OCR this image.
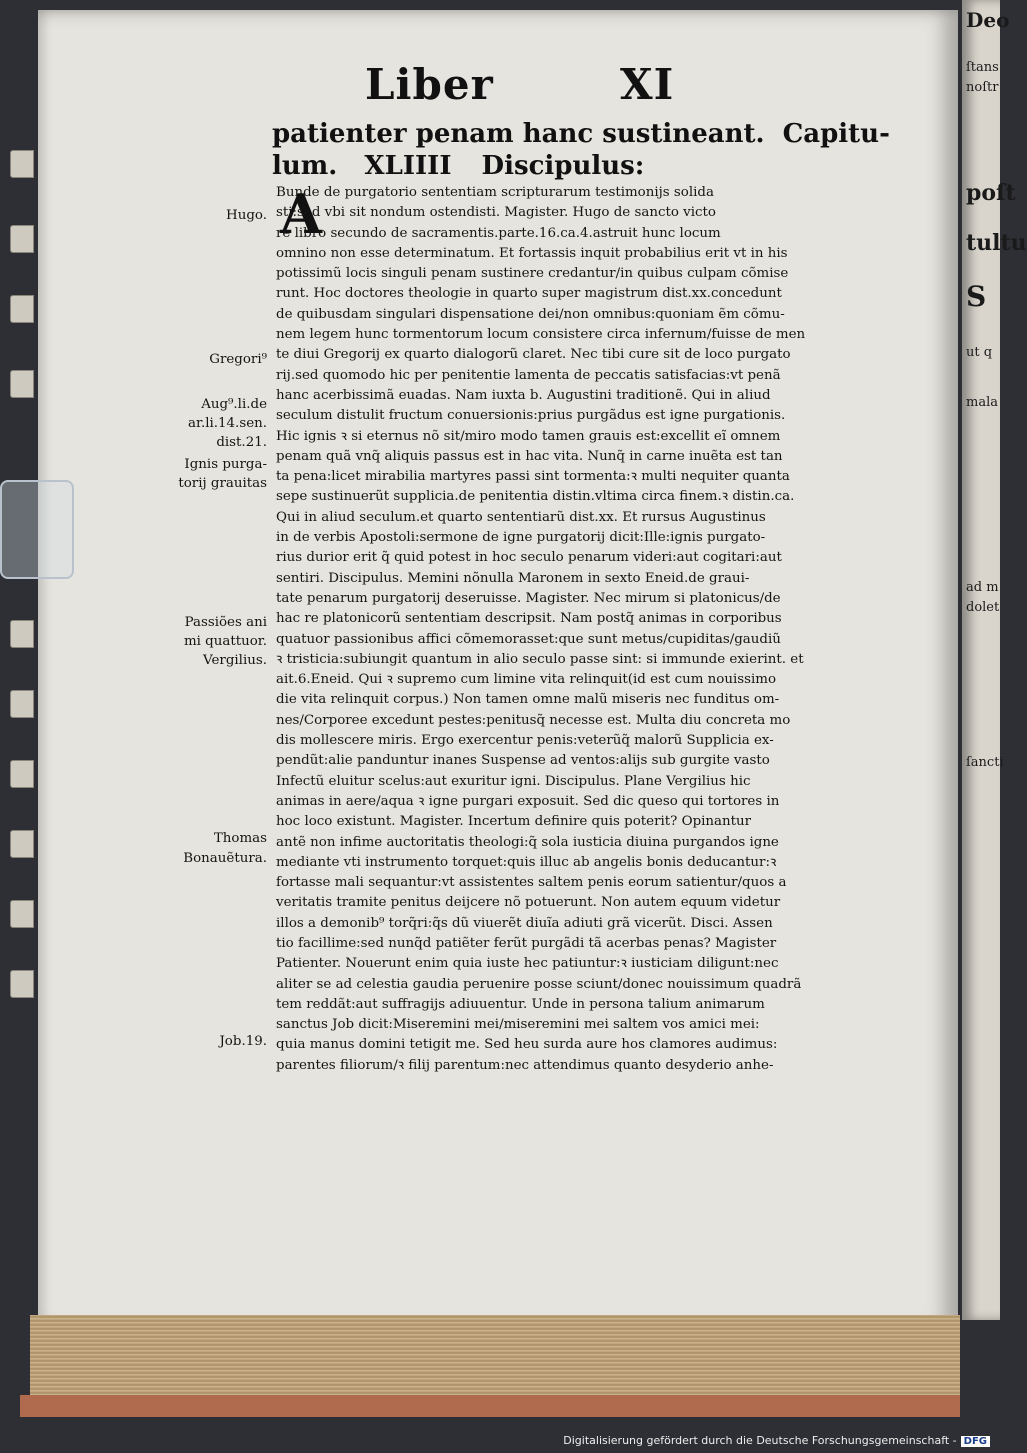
Deo
ſtans
noſtr
poſt
tultu
ut q
mala
S
ſancti
ad m
dolet
Liber	XI
patienter penam hanc sustineant. Capitu-
lum. XLIIII Discipulus:
A
Bunde de purgatorio sententiam scripturarum testimonijs solida
sti:sed vbi sit nondum ostendisti. Magister. Hugo de sancto victo
re libro secundo de sacramentis.parte.16.ca.4.astruit hunc locum
omnino non esse determinatum. Et fortassis inquit probabilius erit vt in his
potissimũ locis singuli penam sustinere credantur/in quibus culpam cõmise
runt. Hoc doctores theologie in quarto super magistrum dist.xx.concedunt
de quibusdam singulari dispensatione dei/non omnibus:quoniam ẽm cõmu-
nem legem hunc tormentorum locum consistere circa infernum/fuisse de men
te diui Gregorij ex quarto dialogorũ claret. Nec tibi cure sit de loco purgato
rij.sed quomodo hic per penitentie lamenta de peccatis satisfacias:vt penã
hanc acerbissimã euadas. Nam iuxta b. Augustini traditionẽ. Qui in aliud
seculum distulit fructum conuersionis:prius purgãdus est igne purgationis.
Hic ignis ꝛ si eternus nõ sit/miro modo tamen grauis est:excellit eĩ omnem
penam quã vnq̃ aliquis passus est in hac vita. Nunq̃ in carne inuẽta est tan
ta pena:licet mirabilia martyres passi sint tormenta:ꝛ multi nequiter quanta
sepe sustinuerũt supplicia.de penitentia distin.vltima circa finem.ꝛ distin.ca.
Qui in aliud seculum.et quarto sententiarũ dist.xx. Et rursus Augustinus
in de verbis Apostoli:sermone de igne purgatorij dicit:Ille:ignis purgato-
rius durior erit q̃ quid potest in hoc seculo penarum videri:aut cogitari:aut
sentiri. Discipulus. Memini nõnulla Maronem in sexto Eneid.de graui-
tate penarum purgatorij deseruisse. Magister. Nec mirum si platonicus/de
hac re platonicorũ sententiam descripsit. Nam postq̃ animas in corporibus
quatuor passionibus affici cõmemorasset:que sunt metus/cupiditas/gaudiũ
ꝛ tristicia:subiungit quantum in alio seculo passe sint: si immunde exierint. et
ait.6.Eneid. Qui ꝛ supremo cum limine vita relinquit(id est cum nouissimo
die vita relinquit corpus.) Non tamen omne malũ miseris nec funditus om-
nes/Corporee excedunt pestes:penitusq̃ necesse est. Multa diu concreta mo
dis mollescere miris. Ergo exercentur penis:veterũq̃ malorũ Supplicia ex-
pendũt:alie panduntur inanes Suspense ad ventos:alijs sub gurgite vasto
Infectũ eluitur scelus:aut exuritur igni. Discipulus. Plane Vergilius hic
animas in aere/aqua ꝛ igne purgari exposuit. Sed dic queso qui tortores in
hoc loco existunt. Magister. Incertum definire quis poterit? Opinantur
antẽ non infime auctoritatis theologi:q̃ sola iusticia diuina purgandos igne
mediante vti instrumento torquet:quis illuc ab angelis bonis deducantur:ꝛ
fortasse mali sequantur:vt assistentes saltem penis eorum satientur/quos a
veritatis tramite penitus deijcere nõ potuerunt. Non autem equum videtur
illos a demonib⁹ torq̃ri:q̃s dũ viuerẽt diuĩa adiuti grã vicerũt. Disci. Assen
tio facillime:sed nunq̃d patiẽter ferũt purgãdi tã acerbas penas? Magister
Patienter. Nouerunt enim quia iuste hec patiuntur:ꝛ iusticiam diligunt:nec
aliter se ad celestia gaudia peruenire posse sciunt/donec nouissimum quadrã
tem reddãt:aut suffragijs adiuuentur. Unde in persona talium animarum
sanctus Job dicit:Miseremini mei/miseremini mei saltem vos amici mei:
quia manus domini tetigit me. Sed heu surda aure hos clamores audimus:
parentes filiorum/ꝛ filij parentum:nec attendimus quanto desyderio anhe-
Hugo.
Gregori⁹
Aug⁹.li.de
ar.li.14.sen.
dist.21.
Ignis purga-
torij grauitas
Passiões ani
mi quattuor.
Vergilius.
Thomas
Bonauẽtura.
Job.19.
Digitalisierung gefördert durch die Deutsche Forschungsgemeinschaft - DFG
